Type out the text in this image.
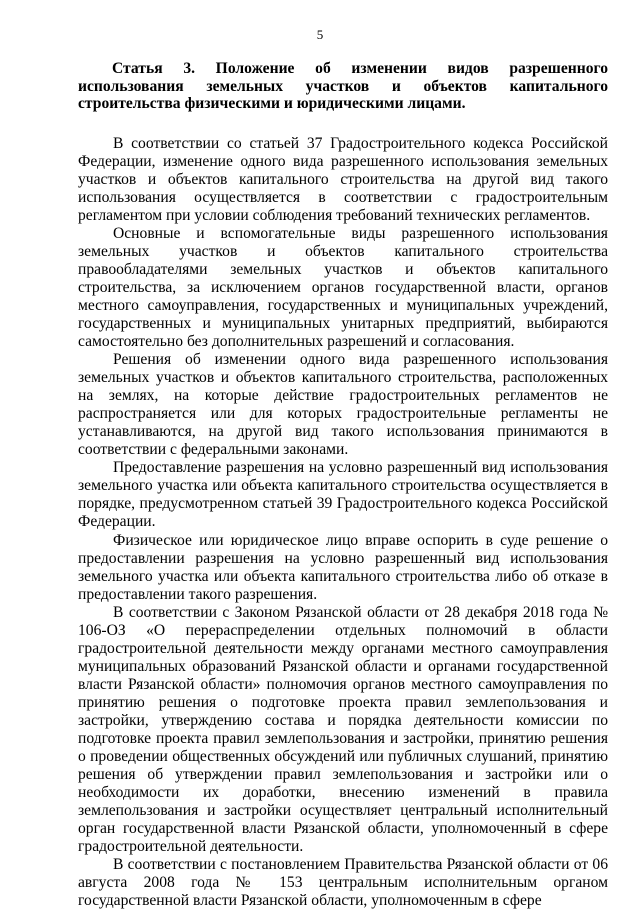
5

Статья 3. Положение об изменении видов разрешенного использования земельных участков и объектов капитального строительства физическими и юридическими лицами.

В соответствии со статьей 37 Градостроительного кодекса Российской Федерации, изменение одного вида разрешенного использования земельных участков и объектов капитального строительства на другой вид такого использования осуществляется в соответствии с градостроительным регламентом при условии соблюдения требований технических регламентов.

Основные и вспомогательные виды разрешенного использования земельных участков и объектов капитального строительства правообладателями земельных участков и объектов капитального строительства, за исключением органов государственной власти, органов местного самоуправления, государственных и муниципальных учреждений, государственных и муниципальных унитарных предприятий, выбираются самостоятельно без дополнительных разрешений и согласования.

Решения об изменении одного вида разрешенного использования земельных участков и объектов капитального строительства, расположенных на землях, на которые действие градостроительных регламентов не распространяется или для которых градостроительные регламенты не устанавливаются, на другой вид такого использования принимаются в соответствии с федеральными законами.

Предоставление разрешения на условно разрешенный вид использования земельного участка или объекта капитального строительства осуществляется в порядке, предусмотренном статьей 39 Градостроительного кодекса Российской Федерации.

Физическое или юридическое лицо вправе оспорить в суде решение о предоставлении разрешения на условно разрешенный вид использования земельного участка или объекта капитального строительства либо об отказе в предоставлении такого разрешения.

В соответствии с Законом Рязанской области от 28 декабря 2018 года № 106-ОЗ «О перераспределении отдельных полномочий в области градостроительной деятельности между органами местного самоуправления муниципальных образований Рязанской области и органами государственной власти Рязанской области» полномочия органов местного самоуправления по принятию решения о подготовке проекта правил землепользования и застройки, утверждению состава и порядка деятельности комиссии по подготовке проекта правил землепользования и застройки, принятию решения о проведении общественных обсуждений или публичных слушаний, принятию решения об утверждении правил землепользования и застройки или о необходимости их доработки, внесению изменений в правила землепользования и застройки осуществляет центральный исполнительный орган государственной власти Рязанской области, уполномоченный в сфере градостроительной деятельности.

В соответствии с постановлением Правительства Рязанской области от 06 августа 2008 года № 153 центральным исполнительным органом государственной власти Рязанской области, уполномоченным в сфере
